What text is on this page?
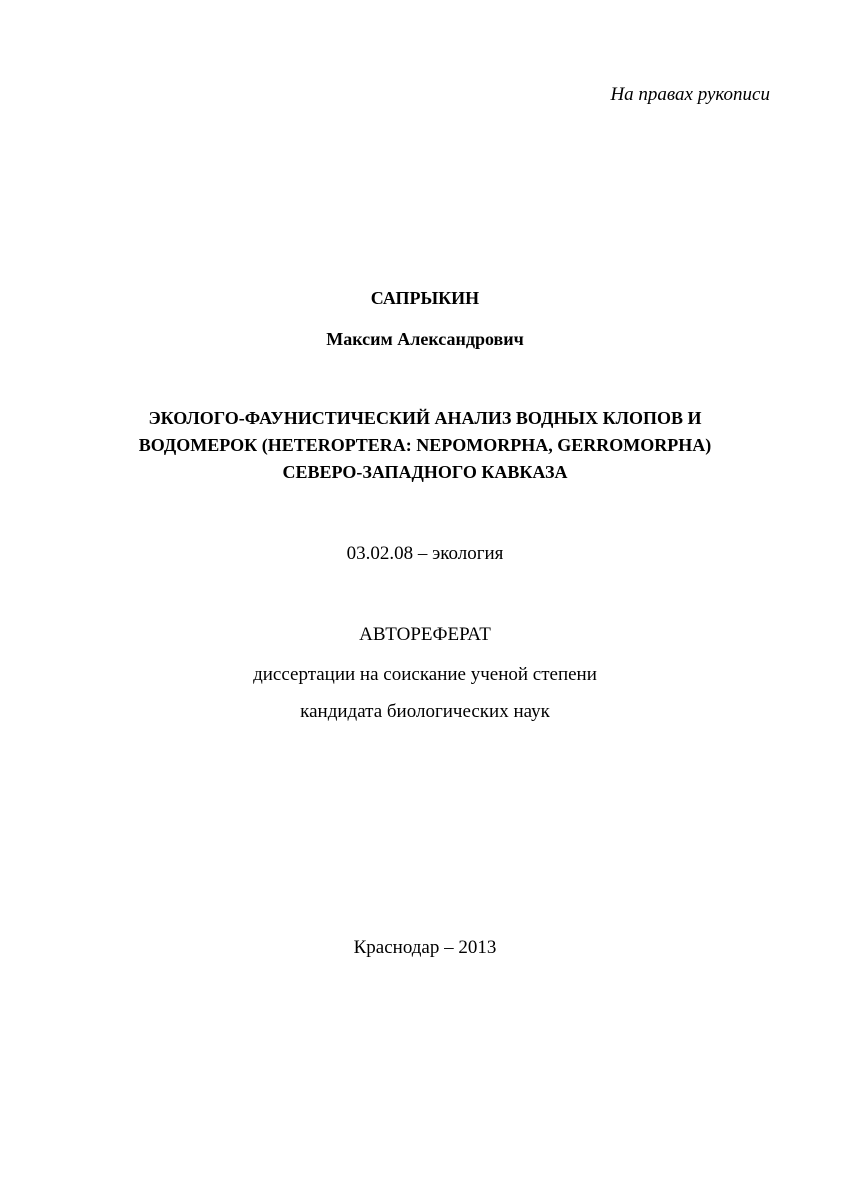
На правах рукописи
САПРЫКИН
Максим Александрович
ЭКОЛОГО-ФАУНИСТИЧЕСКИЙ АНАЛИЗ ВОДНЫХ КЛОПОВ И
ВОДОМЕРОК (HETEROPTERA: NEPOMORPHA, GERROMORPHA)
СЕВЕРО-ЗАПАДНОГО КАВКАЗА
03.02.08 – экология
АВТОРЕФЕРАТ
диссертации на соискание ученой степени
кандидата биологических наук
Краснодар – 2013
